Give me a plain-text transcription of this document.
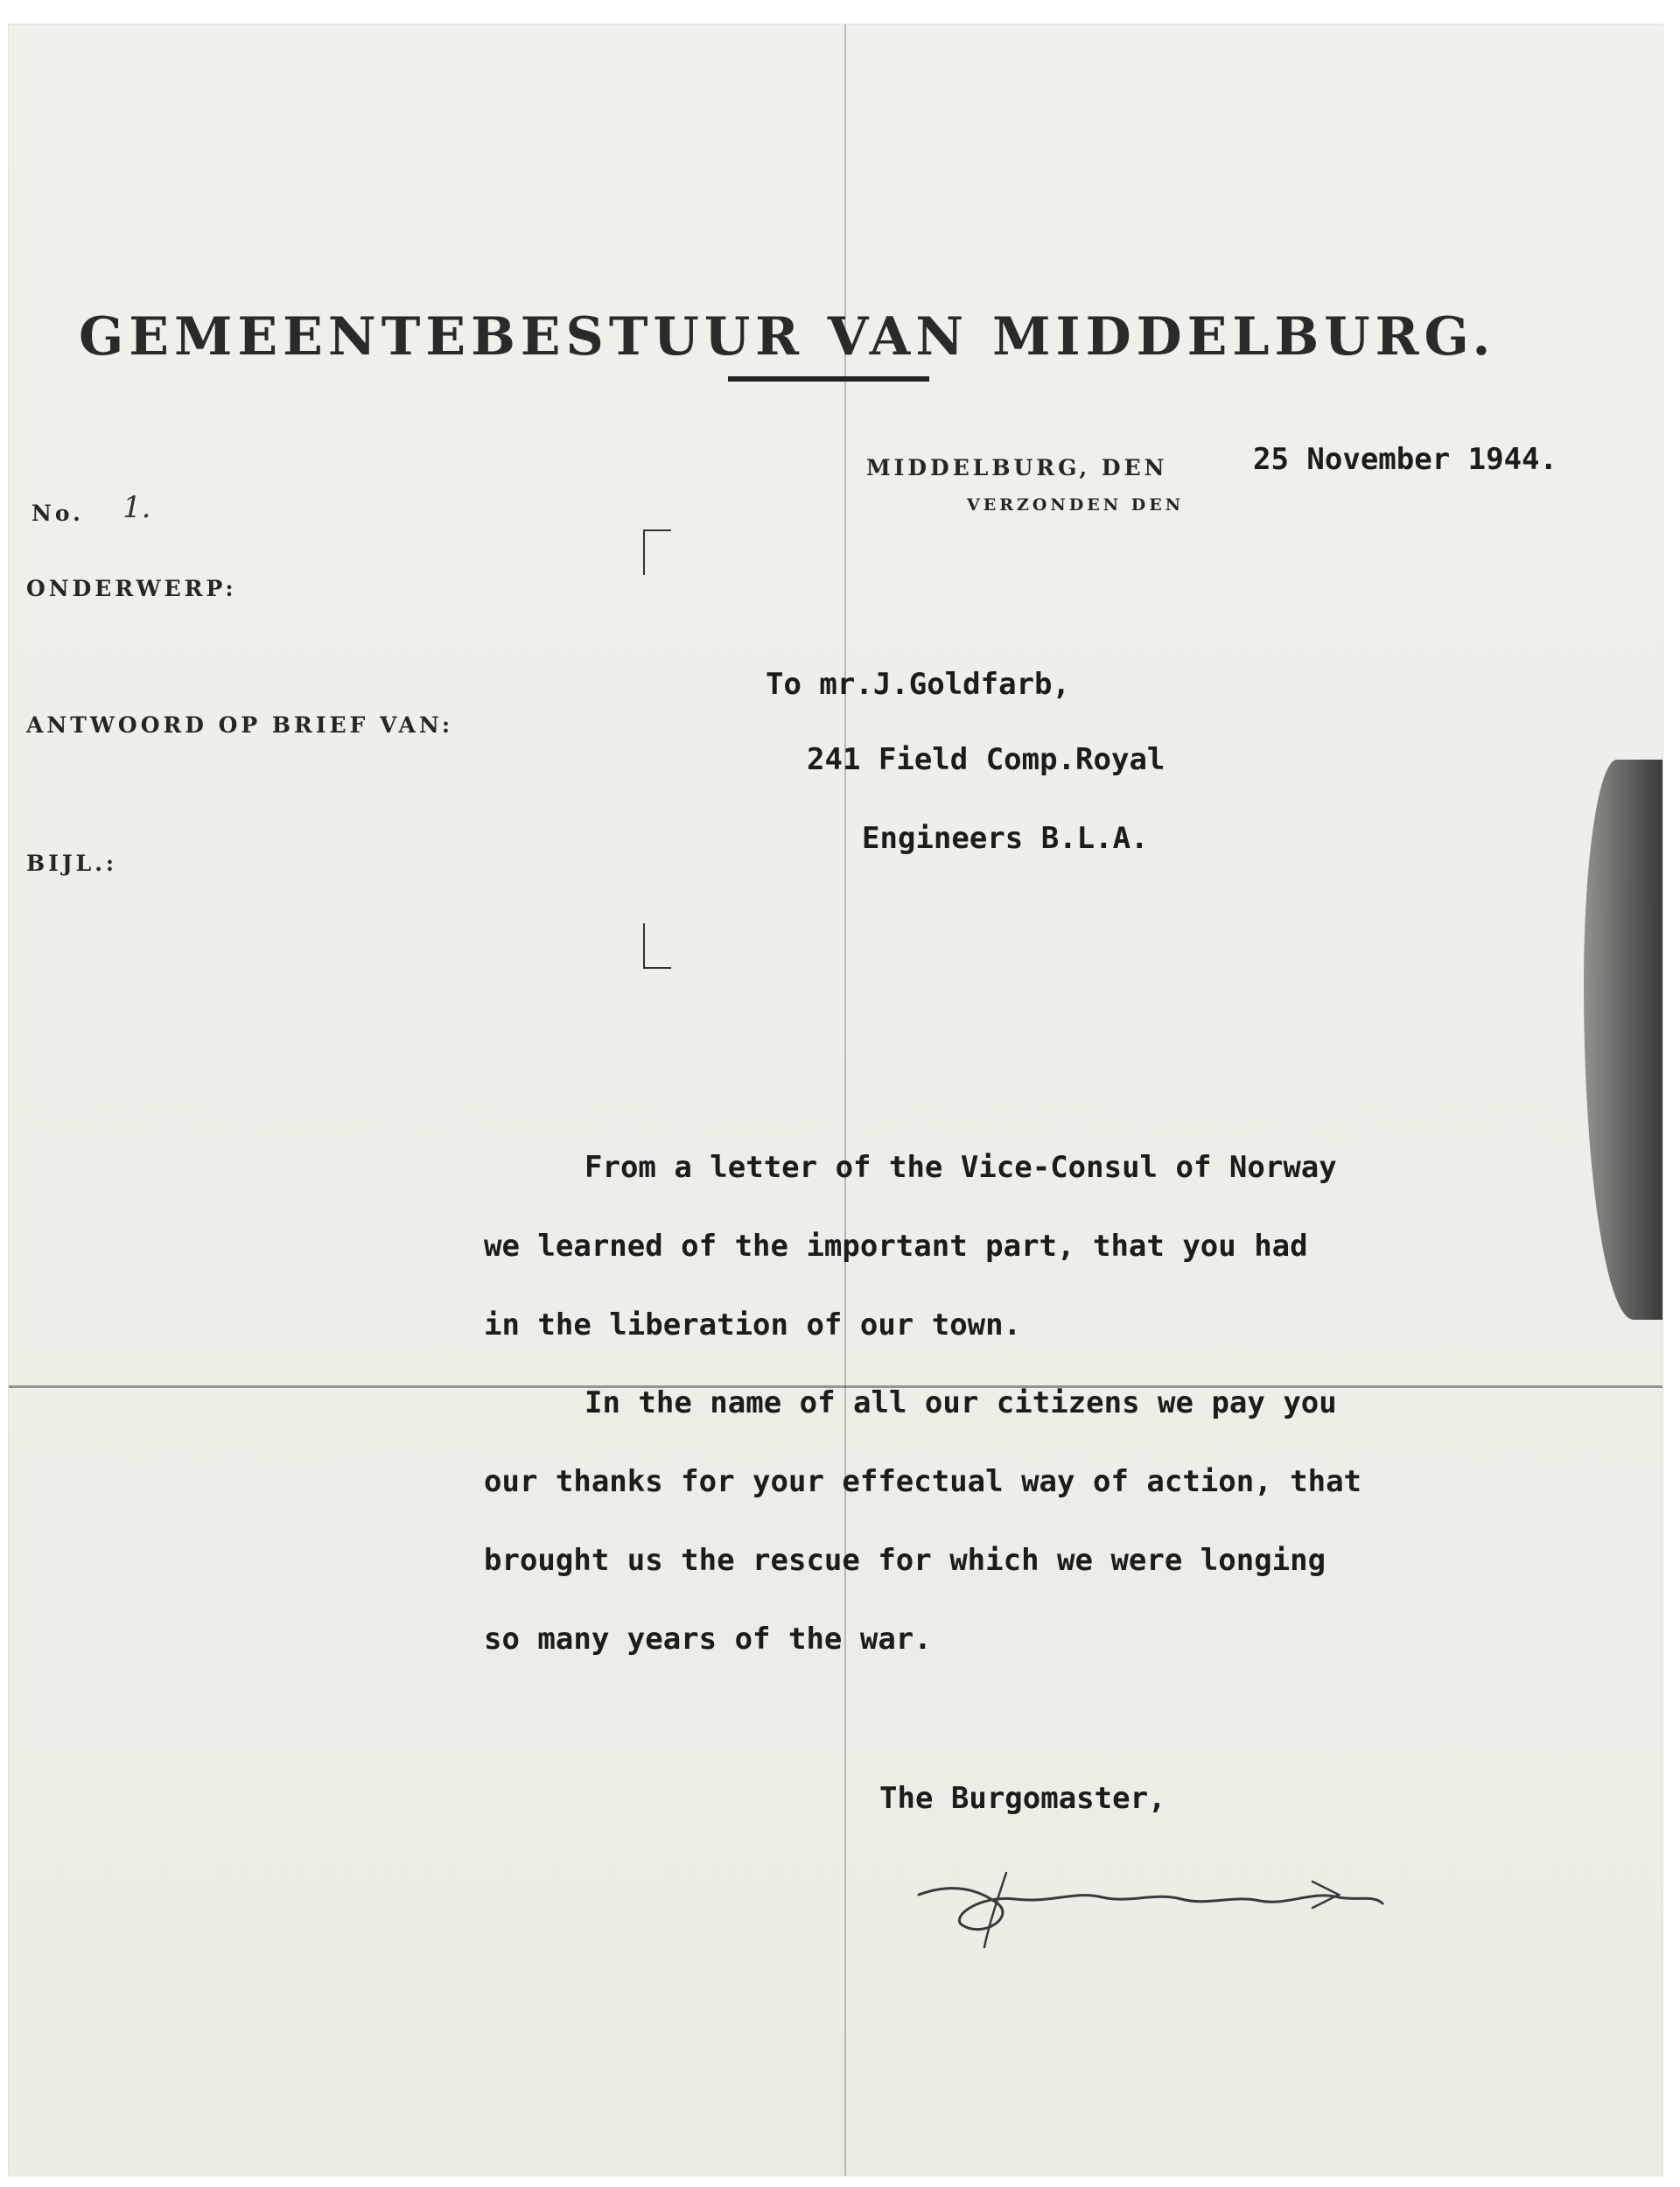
GEMEENTEBESTUUR VAN MIDDELBURG.
MIDDELBURG, DEN	25 November 1944.
VERZONDEN DEN
No. 1.
ONDERWERP:
ANTWOORD OP BRIEF VAN:
BIJL.:
To mr.J.Goldfarb,
241 Field Comp.Royal
Engineers B.L.A.
From a letter of the Vice-Consul of Norway
we learned of the important part, that you had
in the liberation of our town.
In the name of all our citizens we pay you
our thanks for your effectual way of action, that
brought us the rescue for which we were longing
so many years of the war.
The Burgomaster,
